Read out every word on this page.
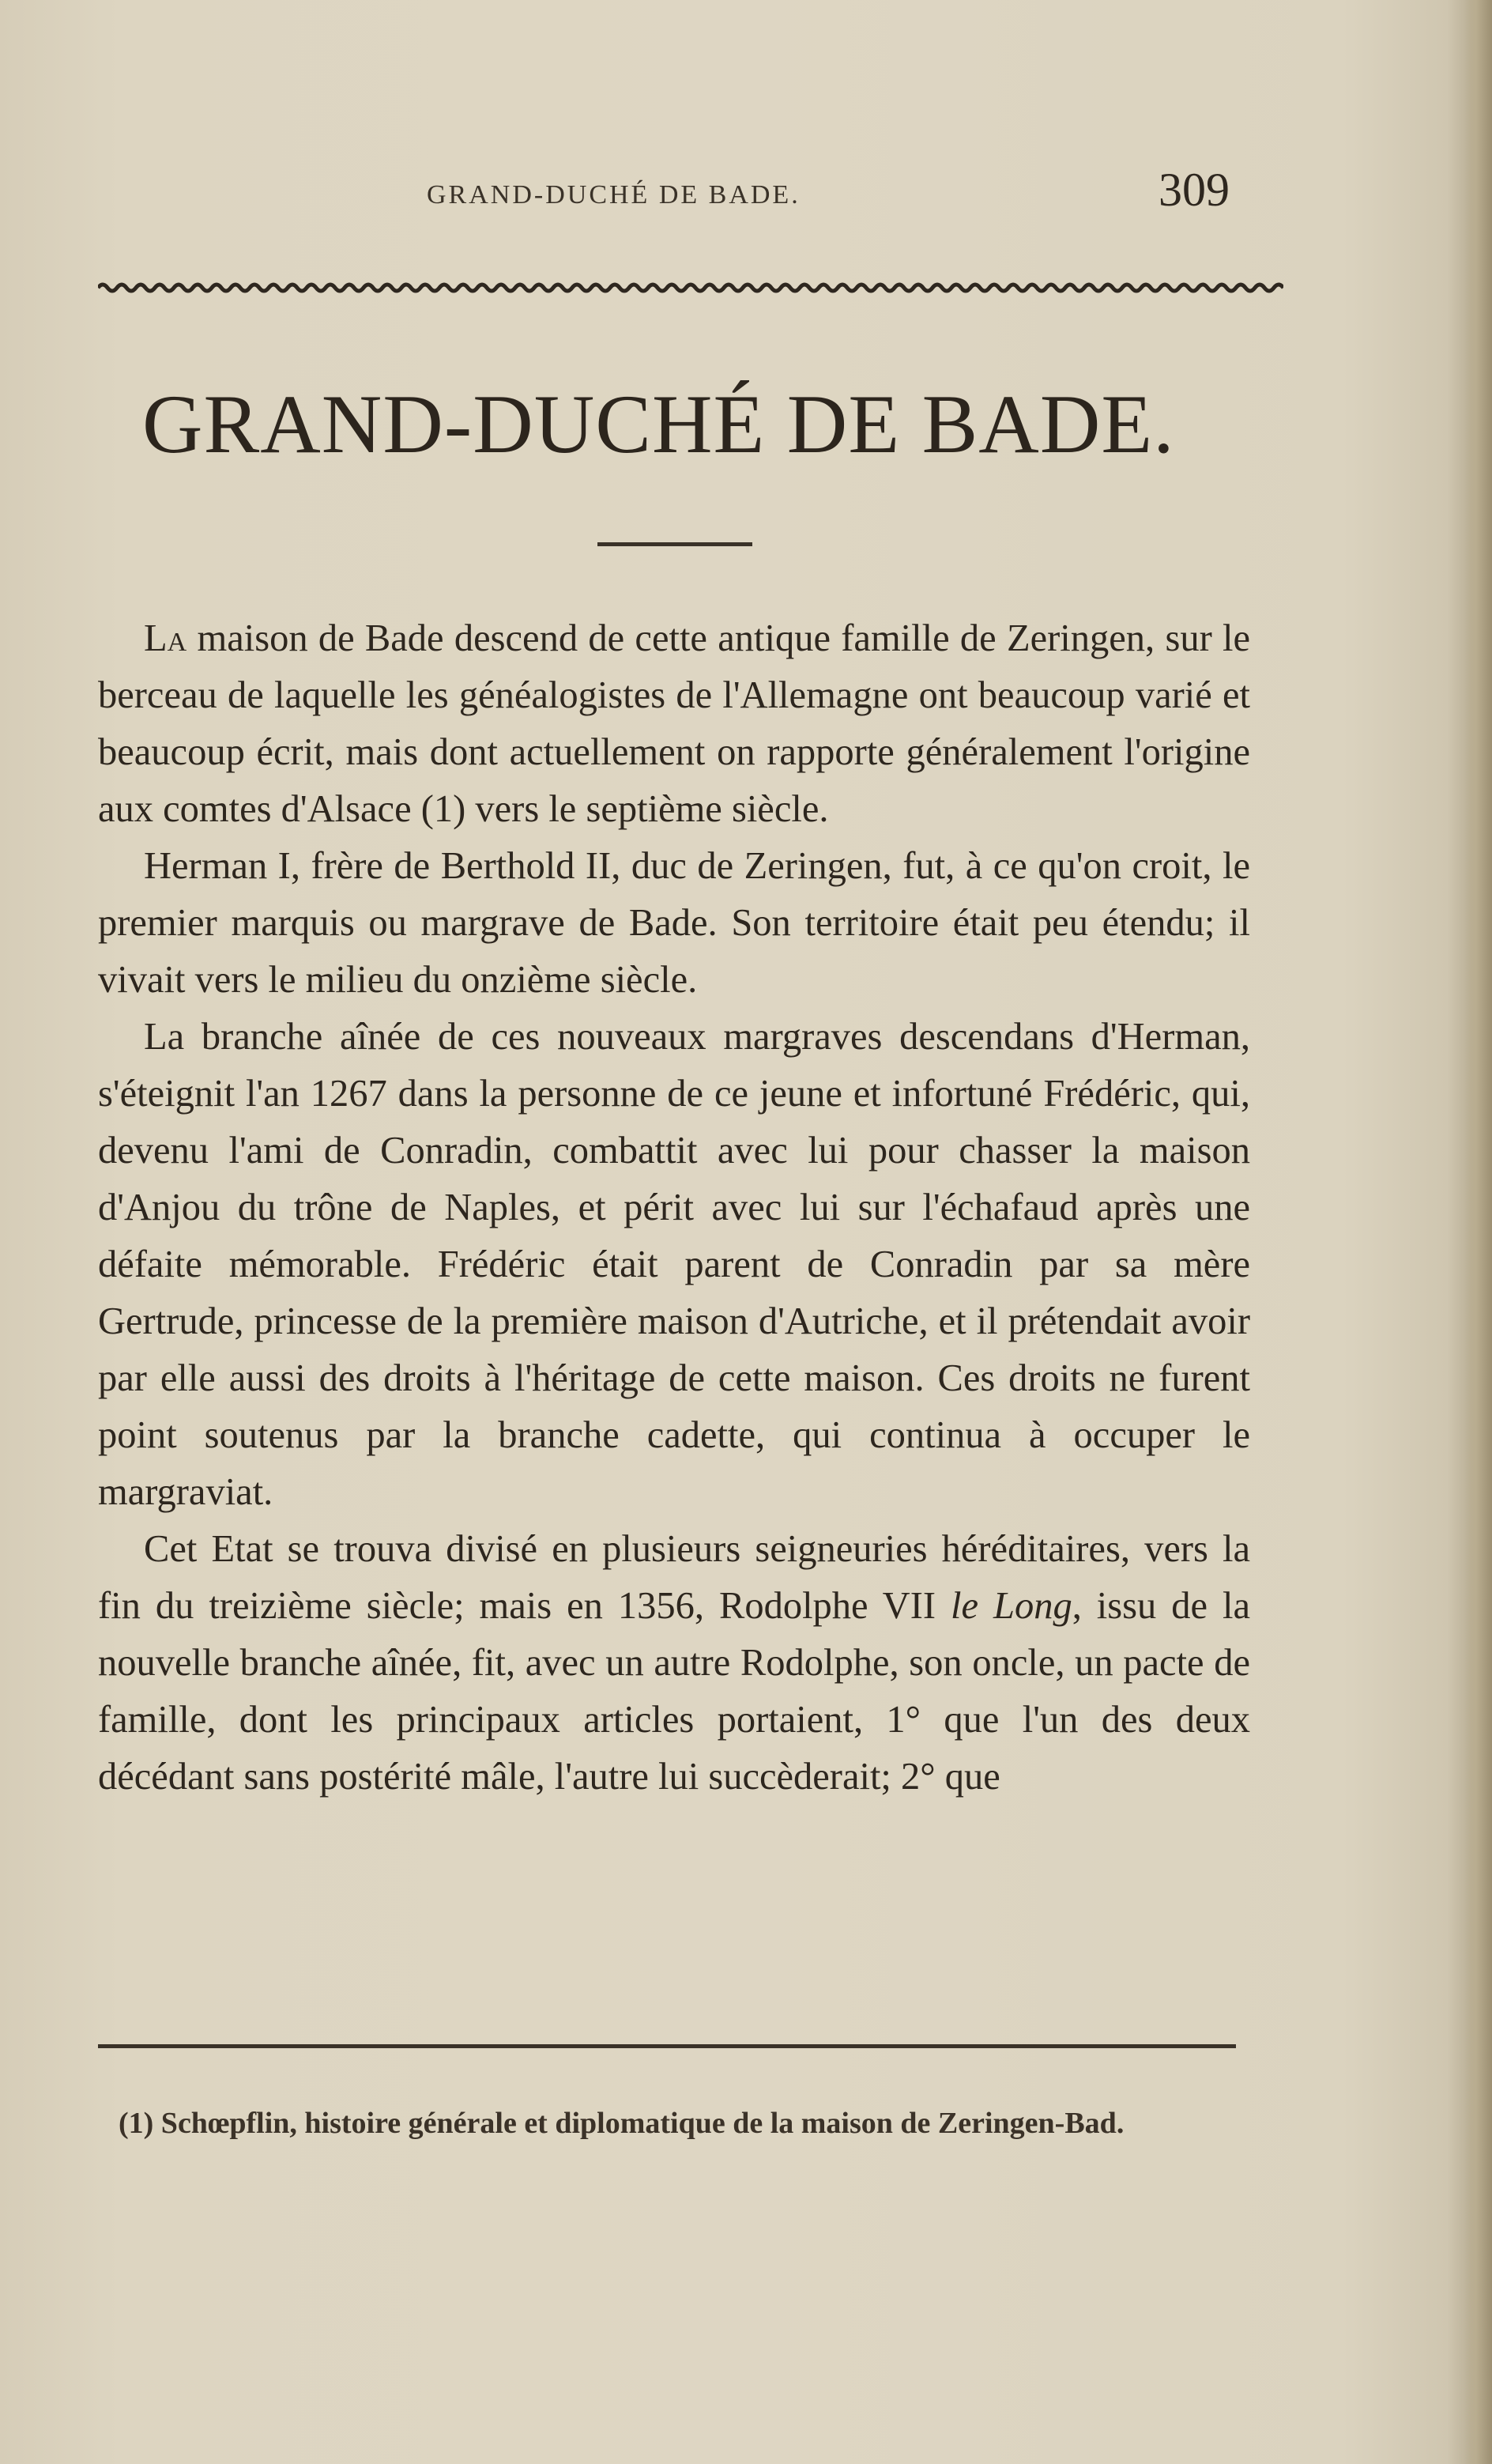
GRAND-DUCHÉ DE BADE.	309
GRAND-DUCHÉ DE BADE.

La maison de Bade descend de cette antique famille de Zeringen, sur le berceau de laquelle les généalogistes de l'Allemagne ont beaucoup varié et beaucoup écrit, mais dont actuellement on rapporte généralement l'origine aux comtes d'Alsace (1) vers le septième siècle.

Herman I, frère de Berthold II, duc de Zeringen, fut, à ce qu'on croit, le premier marquis ou margrave de Bade. Son territoire était peu étendu; il vivait vers le milieu du onzième siècle.

La branche aînée de ces nouveaux margraves descendans d'Herman, s'éteignit l'an 1267 dans la personne de ce jeune et infortuné Frédéric, qui, devenu l'ami de Conradin, combattit avec lui pour chasser la maison d'Anjou du trône de Naples, et périt avec lui sur l'échafaud après une défaite mémorable. Frédéric était parent de Conradin par sa mère Gertrude, princesse de la première maison d'Autriche, et il prétendait avoir par elle aussi des droits à l'héritage de cette maison. Ces droits ne furent point soutenus par la branche cadette, qui continua à occuper le margraviat.

Cet Etat se trouva divisé en plusieurs seigneuries héréditaires, vers la fin du treizième siècle; mais en 1356, Rodolphe VII le Long, issu de la nouvelle branche aînée, fit, avec un autre Rodolphe, son oncle, un pacte de famille, dont les principaux articles portaient, 1° que l'un des deux décédant sans postérité mâle, l'autre lui succèderait; 2° que

(1) Schœpflin, histoire générale et diplomatique de la maison de Zeringen-Bad.
